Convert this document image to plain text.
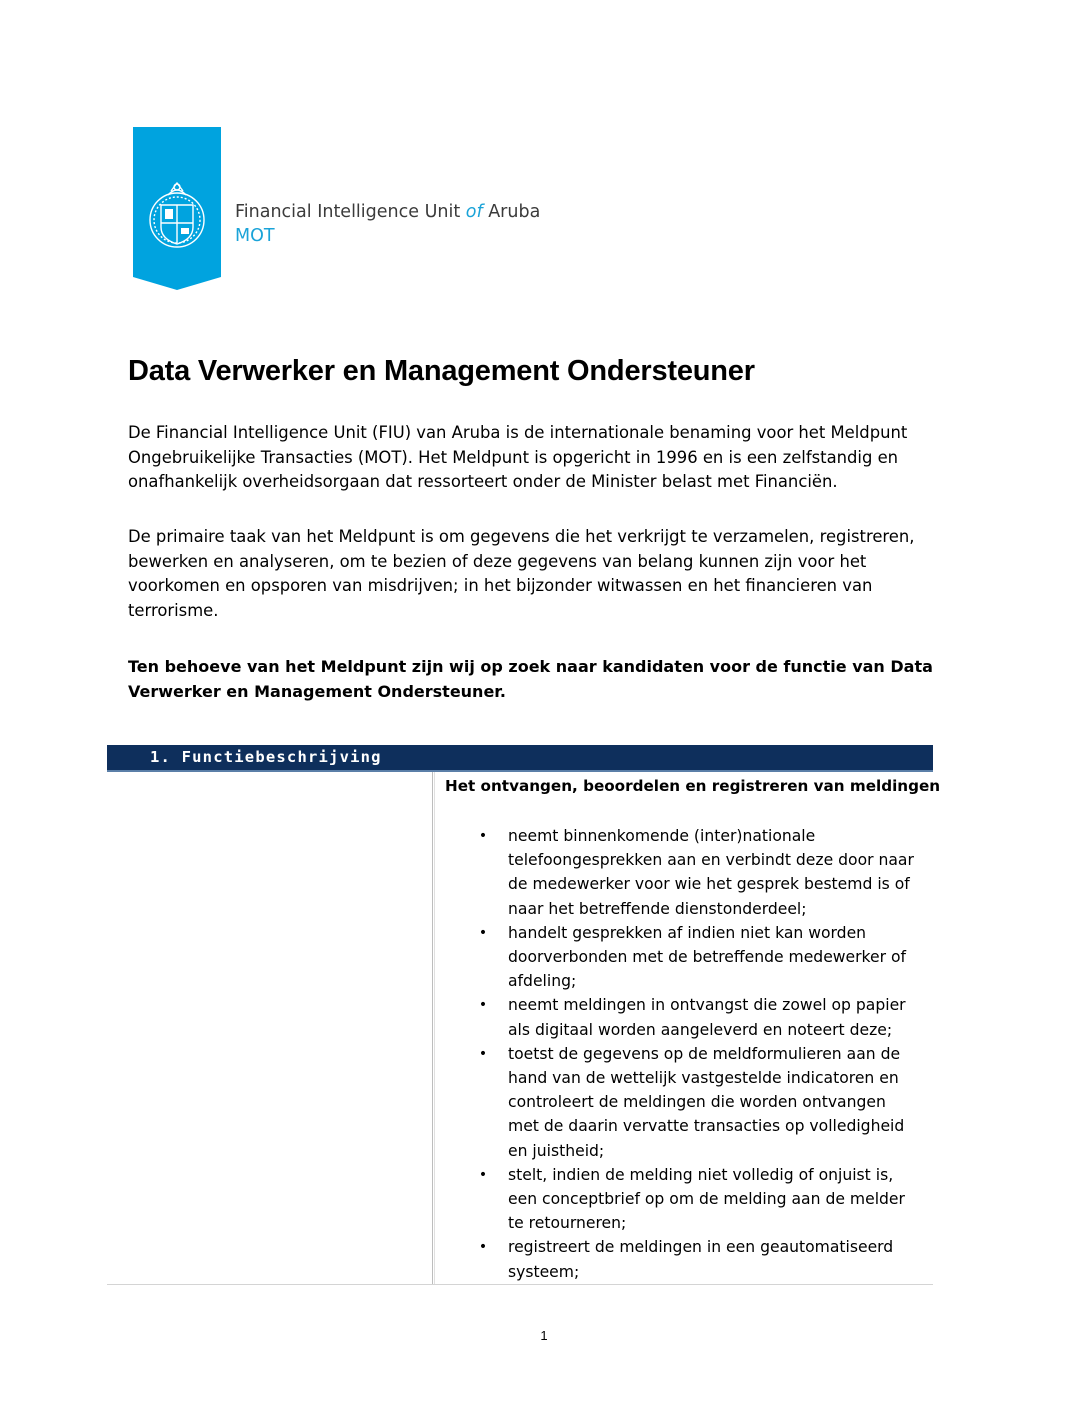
Financial Intelligence Unit of Aruba
MOT
Data Verwerker en Management Ondersteuner

De Financial Intelligence Unit (FIU) van Aruba is de internationale benaming voor het Meldpunt
Ongebruikelijke Transacties (MOT). Het Meldpunt is opgericht in 1996 en is een zelfstandig en
onafhankelijk overheidsorgaan dat ressorteert onder de Minister belast met Financiën.

De primaire taak van het Meldpunt is om gegevens die het verkrijgt te verzamelen, registreren,
bewerken en analyseren, om te bezien of deze gegevens van belang kunnen zijn voor het
voorkomen en opsporen van misdrijven; in het bijzonder witwassen en het financieren van
terrorisme.

Ten behoeve van het Meldpunt zijn wij op zoek naar kandidaten voor de functie van Data
Verwerker en Management Ondersteuner.

1. Functiebeschrijving
Het ontvangen, beoordelen en registreren van meldingen
• neemt binnenkomende (inter)nationale
telefoongesprekken aan en verbindt deze door naar
de medewerker voor wie het gesprek bestemd is of
naar het betreffende dienstonderdeel;
• handelt gesprekken af indien niet kan worden
doorverbonden met de betreffende medewerker of
afdeling;
• neemt meldingen in ontvangst die zowel op papier
als digitaal worden aangeleverd en noteert deze;
• toetst de gegevens op de meldformulieren aan de
hand van de wettelijk vastgestelde indicatoren en
controleert de meldingen die worden ontvangen
met de daarin vervatte transacties op volledigheid
en juistheid;
• stelt, indien de melding niet volledig of onjuist is,
een conceptbrief op om de melding aan de melder
te retourneren;
• registreert de meldingen in een geautomatiseerd
systeem;
1
